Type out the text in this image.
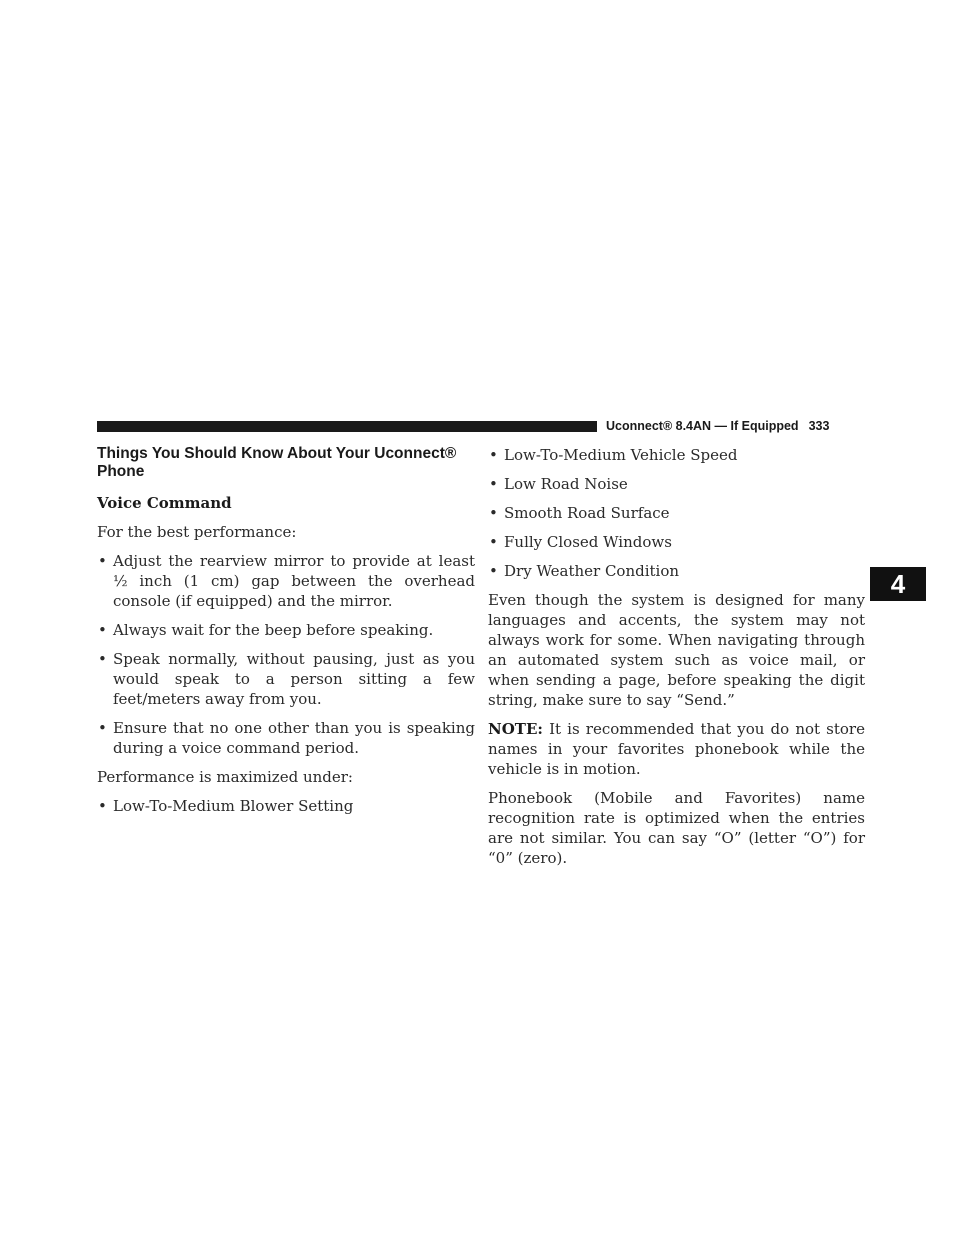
Uconnect® 8.4AN — If Equipped 333
4
Things You Should Know About Your Uconnect® Phone
Voice Command

For the best performance:

• Adjust the rearview mirror to provide at least ½ inch (1 cm) gap between the overhead console (if equipped) and the mirror.
• Always wait for the beep before speaking.
• Speak normally, without pausing, just as you would speak to a person sitting a few feet/meters away from you.
• Ensure that no one other than you is speaking during a voice command period.

Performance is maximized under:

• Low-To-Medium Blower Setting
• Low-To-Medium Vehicle Speed
• Low Road Noise
• Smooth Road Surface
• Fully Closed Windows
• Dry Weather Condition

Even though the system is designed for many languages and accents, the system may not always work for some. When navigating through an automated system such as voice mail, or when sending a page, before speaking the digit string, make sure to say “Send.”

NOTE: It is recommended that you do not store names in your favorites phonebook while the vehicle is in motion.

Phonebook (Mobile and Favorites) name recognition rate is optimized when the entries are not similar. You can say “O” (letter “O”) for “0” (zero).
